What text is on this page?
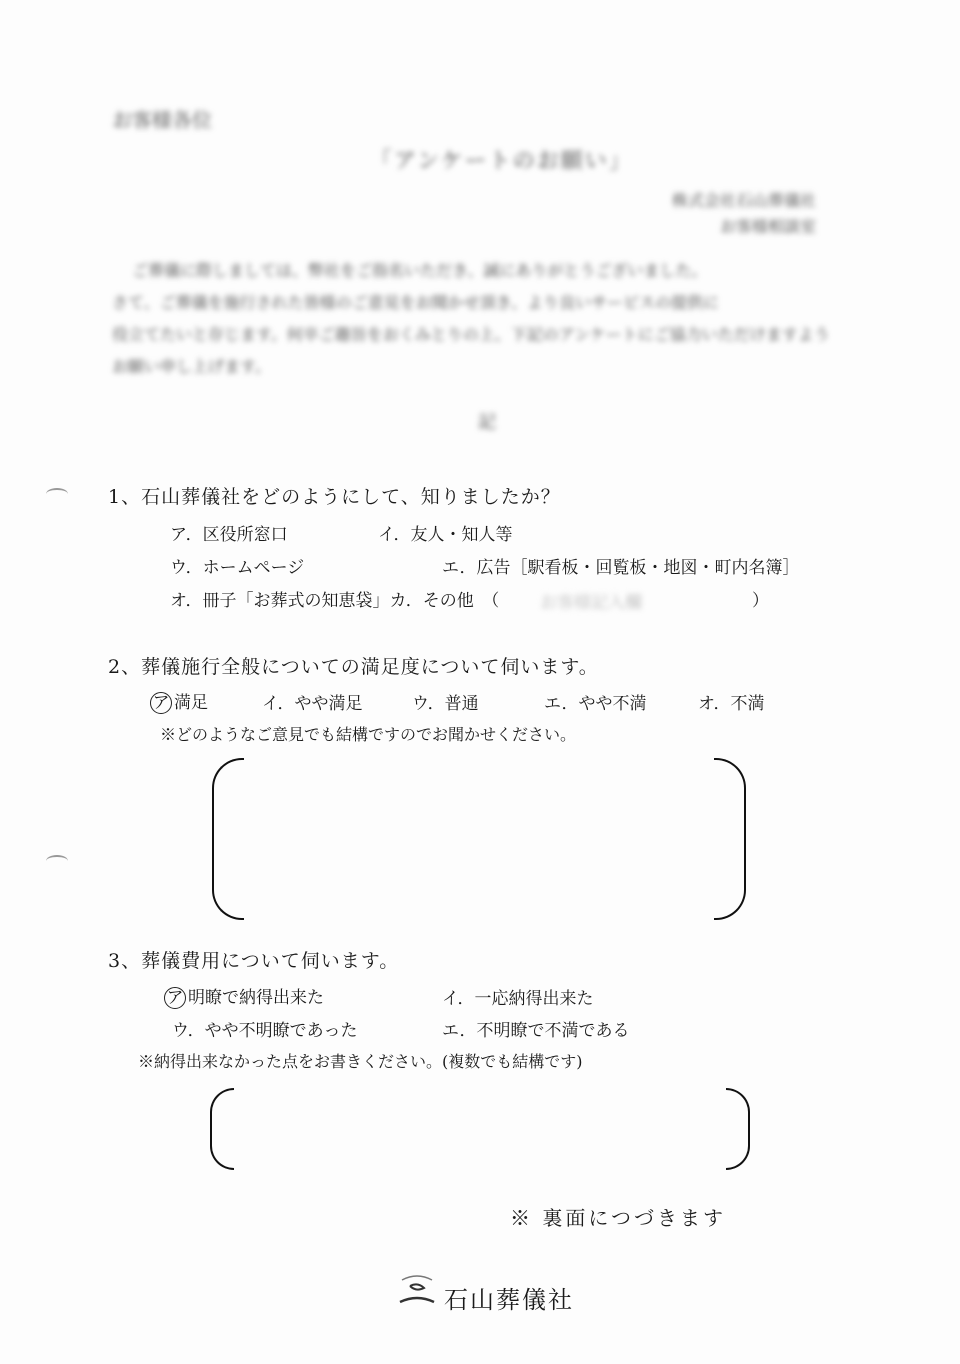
お客様各位
「アンケートのお願い」
株式会社石山葬儀社
お客様相談室
ご葬儀に際しましては、弊社をご指名いただき、誠にありがとうございました。
さて、ご葬儀を施行された皆様のご意見をお聞かせ頂き、より良いサービスの提供に
役立てたいと存じます。何卒ご趣旨をおくみとりの上、下記のアンケートにご協力いただけますよう
お願い申し上げます。
記
1、石山葬儀社をどのようにして、知りましたか？
ア．区役所窓口	イ．友人・知人等
ウ．ホームページ	エ．広告［駅看板・回覧板・地図・町内名簿］
オ．冊子「お葬式の知恵袋」カ．その他　（ お客様記入欄	）
2、葬儀施行全般についての満足度について伺います。
ア 満足	イ．やや満足	ウ．普通	エ．やや不満	オ．不満
※どのようなご意見でも結構ですのでお聞かせください。
3、葬儀費用について伺います。
ア 明瞭で納得出来た	イ．一応納得出来た
ウ．やや不明瞭であった	エ．不明瞭で不満である
※納得出来なかった点をお書きください。(複数でも結構です)
※ 裏面につづきます
石山葬儀社
